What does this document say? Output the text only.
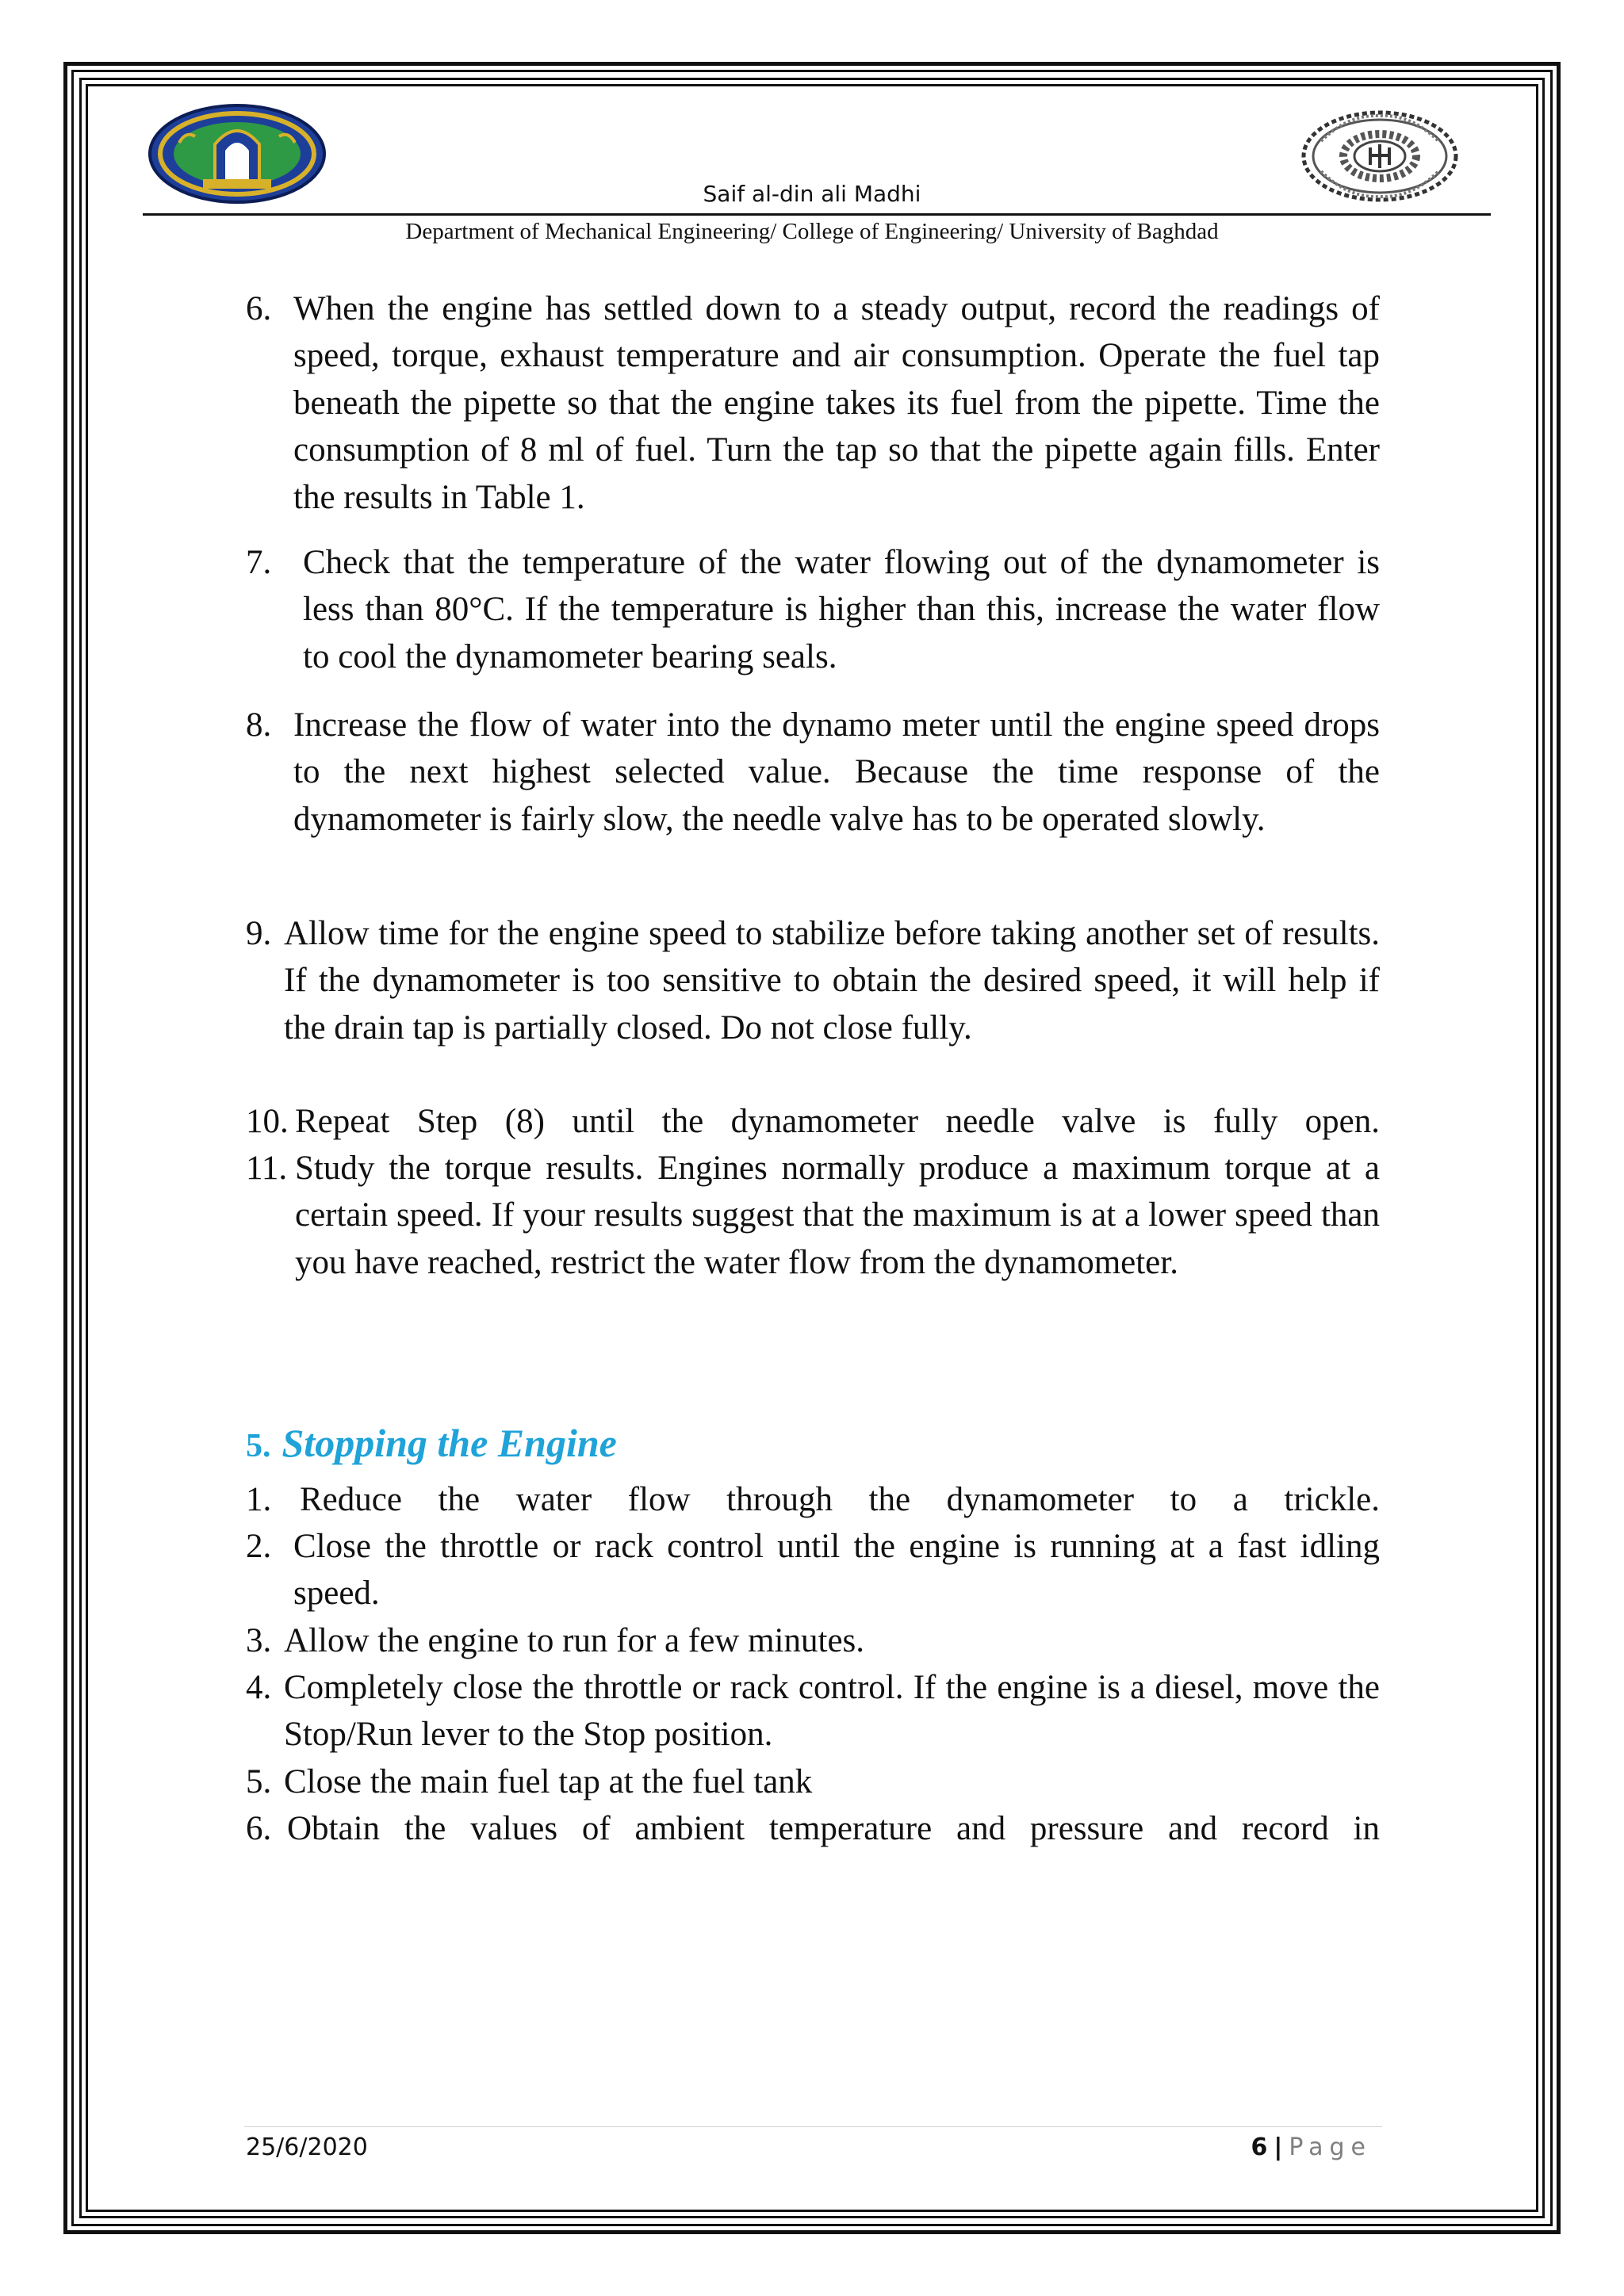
Saif al-din ali Madhi
Department of Mechanical Engineering/ College of Engineering/ University of Baghdad
6. When the engine has settled down to a steady output, record the readings of speed, torque, exhaust temperature and air consumption. Operate the fuel tap beneath the pipette so that the engine takes its fuel from the pipette. Time the consumption of 8 ml of fuel. Turn the tap so that the pipette again fills. Enter the results in Table 1.
7. Check that the temperature of the water flowing out of the dynamometer is less than 80°C. If the temperature is higher than this, increase the water flow to cool the dynamometer bearing seals.
8. Increase the flow of water into the dynamo meter until the engine speed drops to the next highest selected value. Because the time response of the dynamometer is fairly slow, the needle valve has to be operated slowly.
9. Allow time for the engine speed to stabilize before taking another set of results. If the dynamometer is too sensitive to obtain the desired speed, it will help if the drain tap is partially closed. Do not close fully.
10. Repeat Step (8) until the dynamometer needle valve is fully open.
11. Study the torque results. Engines normally produce a maximum torque at a certain speed. If your results suggest that the maximum is at a lower speed than you have reached, restrict the water flow from the dynamometer.
5. Stopping the Engine
1. Reduce the water flow through the dynamometer to a trickle.
2. Close the throttle or rack control until the engine is running at a fast idling speed.
3. Allow the engine to run for a few minutes.
4. Completely close the throttle or rack control. If the engine is a diesel, move the Stop/Run lever to the Stop position.
5. Close the main fuel tap at the fuel tank
6. Obtain the values of ambient temperature and pressure and record in
25/6/2020	6 | Page
